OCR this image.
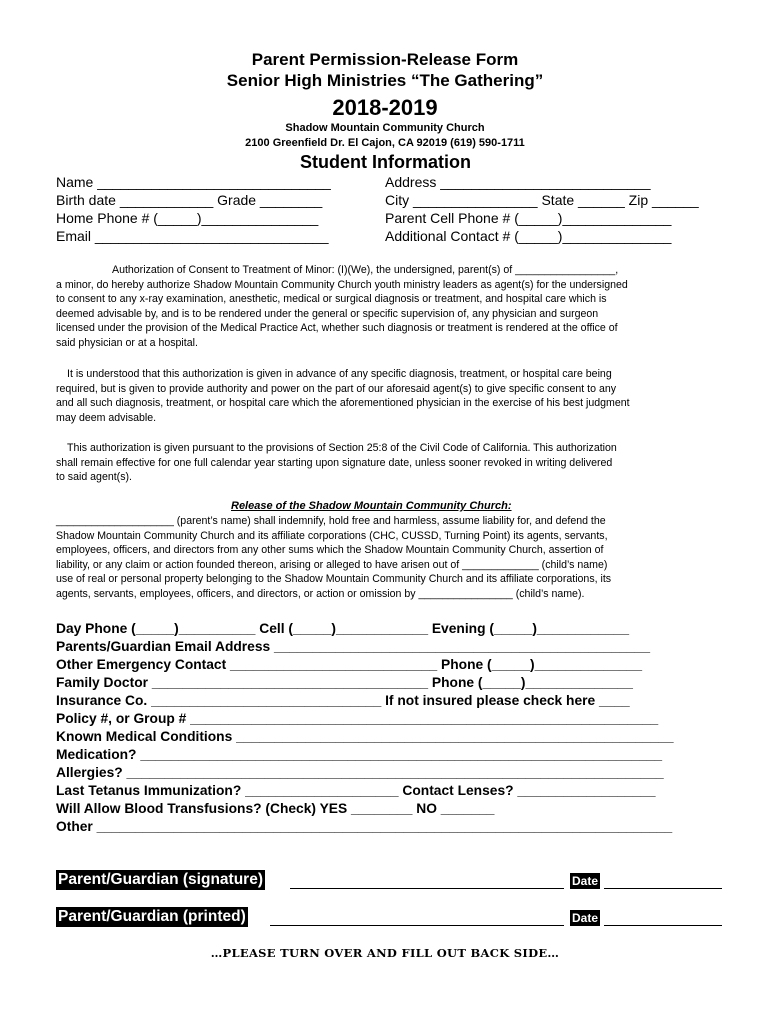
Parent Permission-Release Form
Senior High Ministries “The Gathering”
2018-2019
Shadow Mountain Community Church
2100 Greenfield Dr. El Cajon, CA 92019 (619) 590-1711
Student Information
Name ______________________________
Birth date ____________ Grade ________
Home Phone # (_____)_______________
Email ______________________________
Address ___________________________
City ________________ State ______ Zip ______
Parent Cell Phone # (_____)______________
Additional Contact # (_____)______________
Authorization of Consent to Treatment of Minor: (I)(We), the undersigned, parent(s) of _________________,
a minor, do hereby authorize Shadow Mountain Community Church youth ministry leaders as agent(s) for the undersigned
to consent to any x-ray examination, anesthetic, medical or surgical diagnosis or treatment, and hospital care which is
deemed advisable by, and is to be rendered under the general or specific supervision of, any physician and surgeon
licensed under the provision of the Medical Practice Act, whether such diagnosis or treatment is rendered at the office of
said physician or at a hospital.
It is understood that this authorization is given in advance of any specific diagnosis, treatment, or hospital care being
required, but is given to provide authority and power on the part of our aforesaid agent(s) to give specific consent to any
and all such diagnosis, treatment, or hospital care which the aforementioned physician in the exercise of his best judgment
may deem advisable.
This authorization is given pursuant to the provisions of Section 25:8 of the Civil Code of California. This authorization
shall remain effective for one full calendar year starting upon signature date, unless sooner revoked in writing delivered
to said agent(s).
Release of the Shadow Mountain Community Church:
____________________ (parent’s name) shall indemnify, hold free and harmless, assume liability for, and defend the
Shadow Mountain Community Church and its affiliate corporations (CHC, CUSSD, Turning Point) its agents, servants,
employees, officers, and directors from any other sums which the Shadow Mountain Community Church, assertion of
liability, or any claim or action founded thereon, arising or alleged to have arisen out of _____________ (child’s name)
use of real or personal property belonging to the Shadow Mountain Community Church and its affiliate corporations, its
agents, servants, employees, officers, and directors, or action or omission by ________________ (child’s name).
Day Phone (_____)__________ Cell (_____)____________ Evening (_____)____________
Parents/Guardian Email Address _________________________________________________
Other Emergency Contact ___________________________ Phone (_____)______________
Family Doctor ____________________________________ Phone (_____)______________
Insurance Co. ______________________________ If not insured please check here ____
Policy #, or Group # _____________________________________________________________
Known Medical Conditions _________________________________________________________
Medication? ____________________________________________________________________
Allergies? ______________________________________________________________________
Last Tetanus Immunization? ____________________ Contact Lenses? __________________
Will Allow Blood Transfusions? (Check) YES ________ NO _______
Other ___________________________________________________________________________
Parent/Guardian (signature)	Date
Parent/Guardian (printed)	Date
…PLEASE TURN OVER AND FILL OUT BACK SIDE…
